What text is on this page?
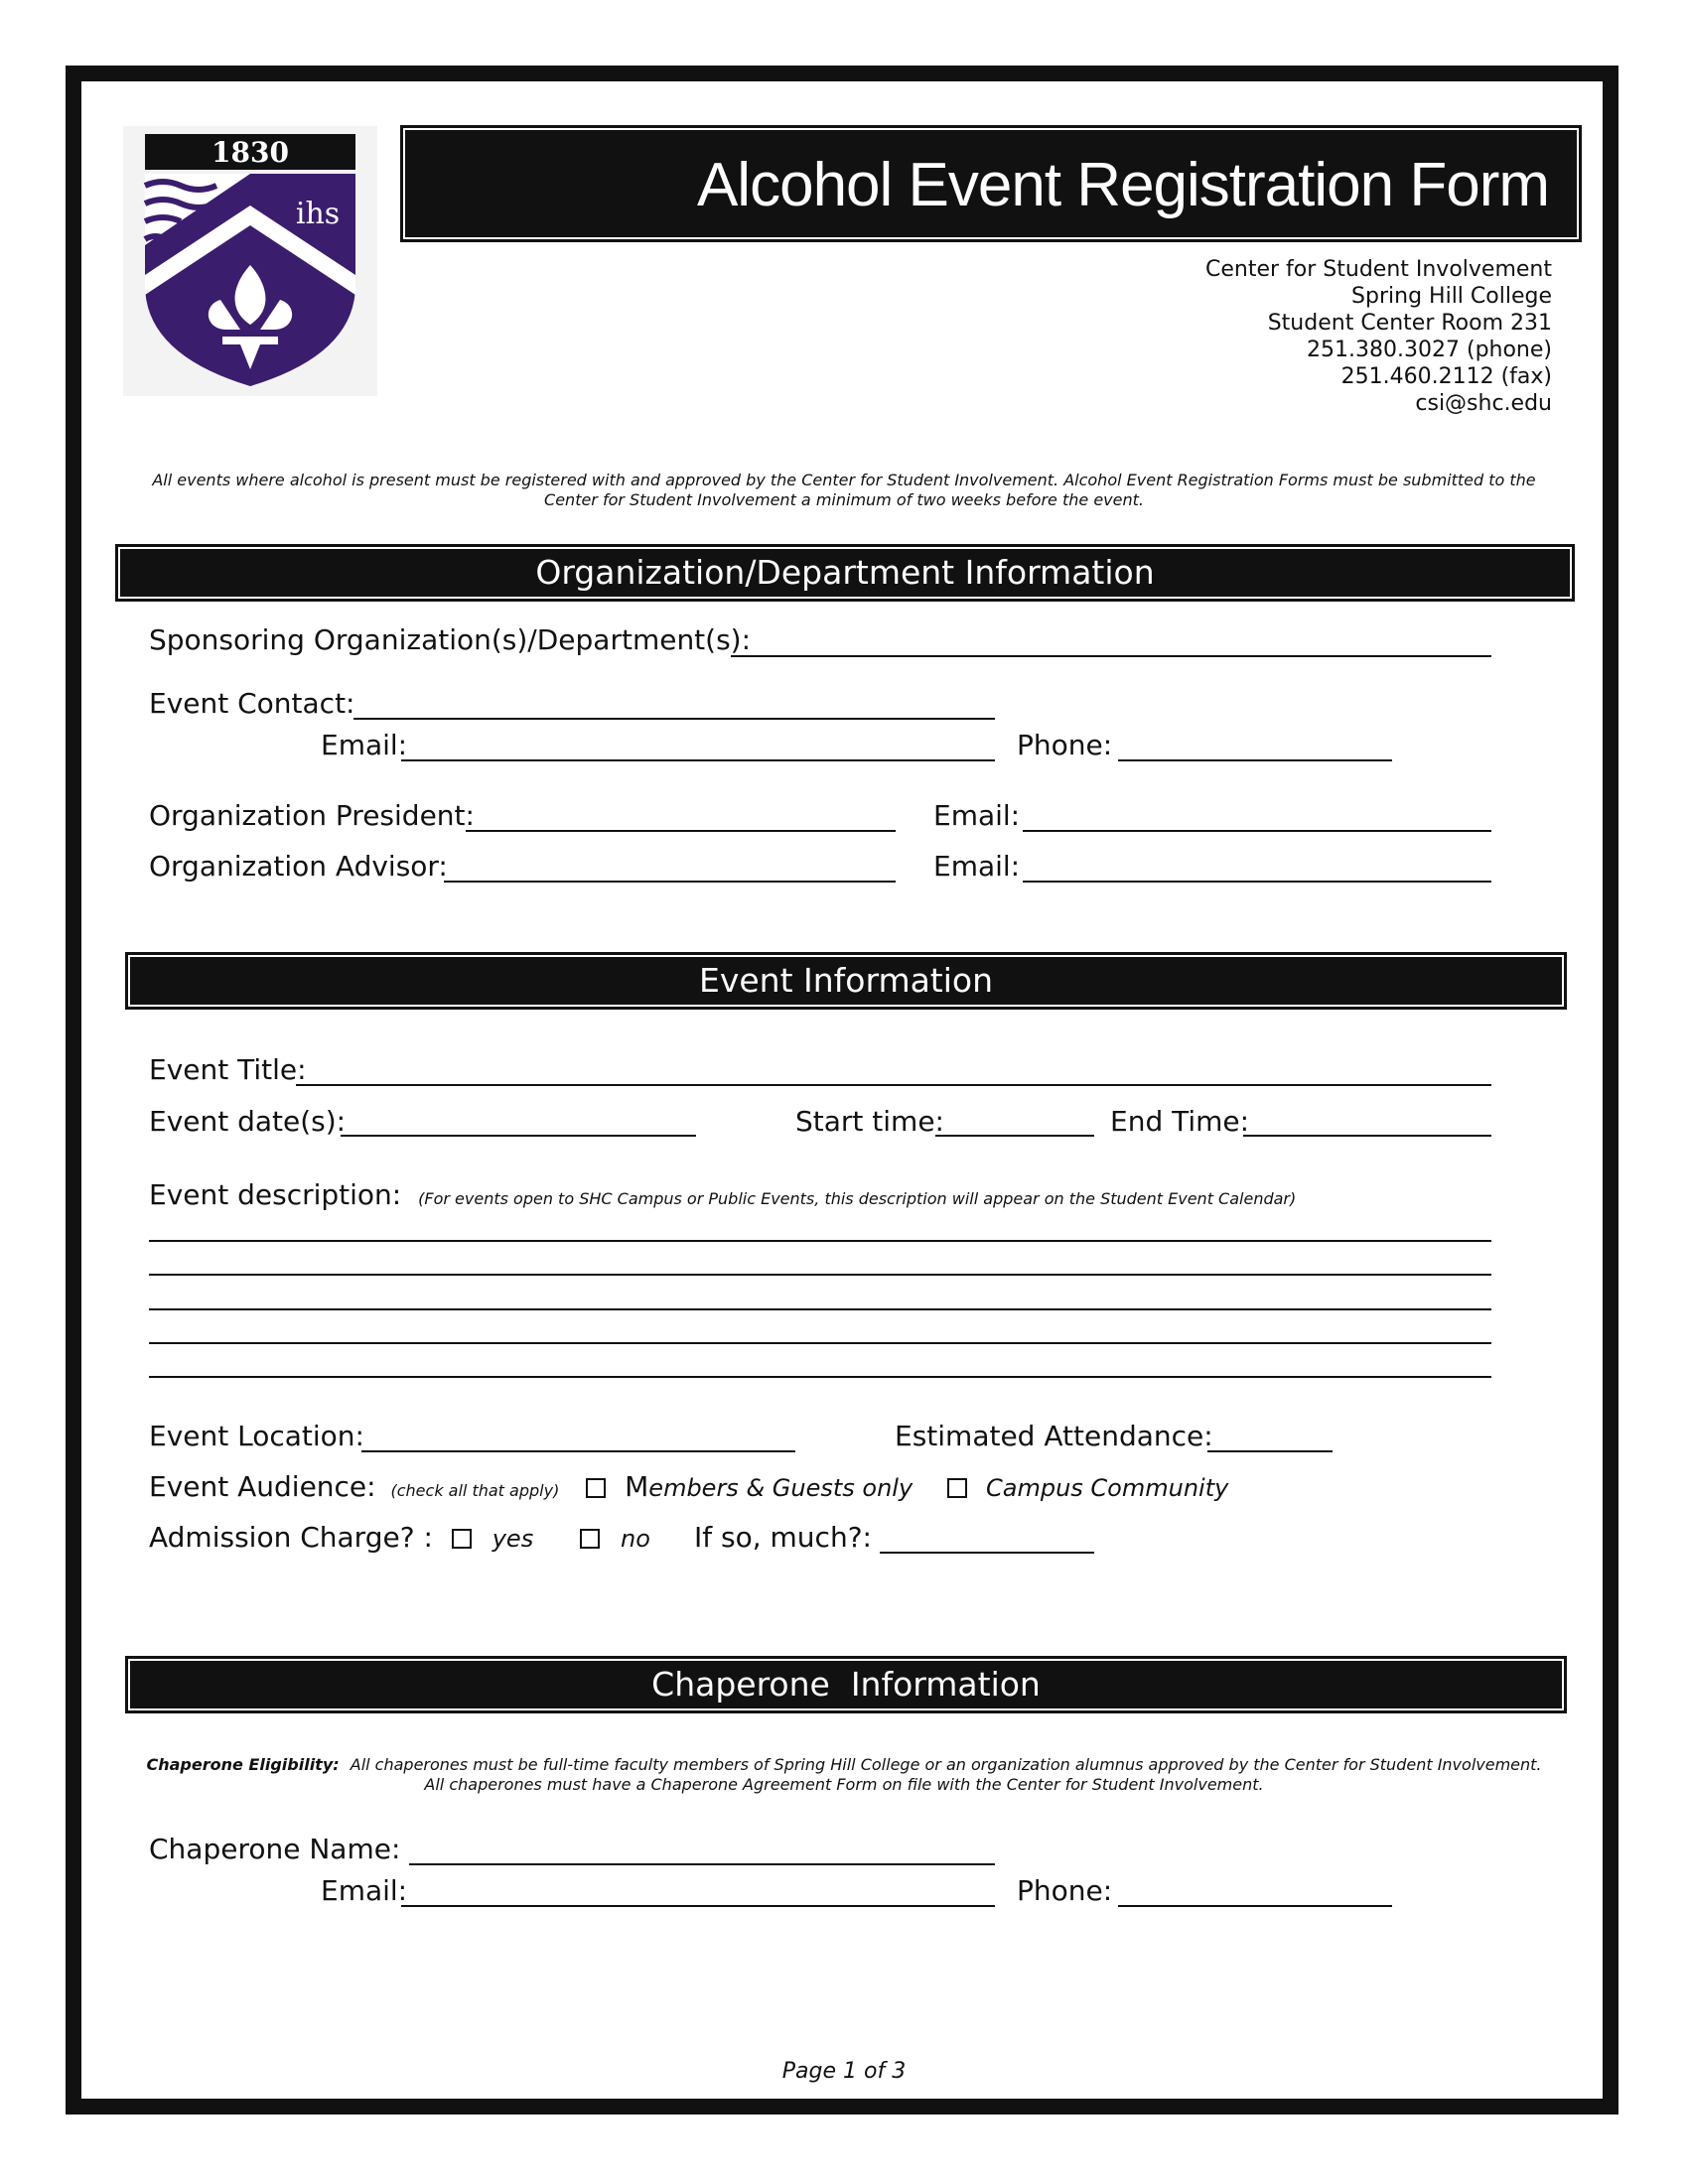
1830
ihs	Alcohol Event Registration Form
Center for Student Involvement
Spring Hill College
Student Center Room 231
251.380.3027 (phone)
251.460.2112 (fax)
csi@shc.edu
All events where alcohol is present must be registered with and approved by the Center for Student Involvement. Alcohol Event Registration Forms must be submitted to the
Center for Student Involvement a minimum of two weeks before the event.
Organization/Department Information
Sponsoring Organization(s)/Department(s):
Event Contact:
Email:	Phone:
Organization President:	Email:
Organization Advisor:	Email:
Event Information
Event Title:
Event date(s):	Start time:	End Time:
Event description: (For events open to SHC Campus or Public Events, this description will appear on the Student Event Calendar)
Event Location:	Estimated Attendance:
Event Audience: (check all that apply) Members & Guests only	Campus Community
Admission Charge? : yes	no If so, much?:
Chaperone  Information
Chaperone Eligibility: All chaperones must be full-time faculty members of Spring Hill College or an organization alumnus approved by the Center for Student Involvement.
All chaperones must have a Chaperone Agreement Form on file with the Center for Student Involvement.
Chaperone Name:
Email:	Phone:
Page 1 of 3
